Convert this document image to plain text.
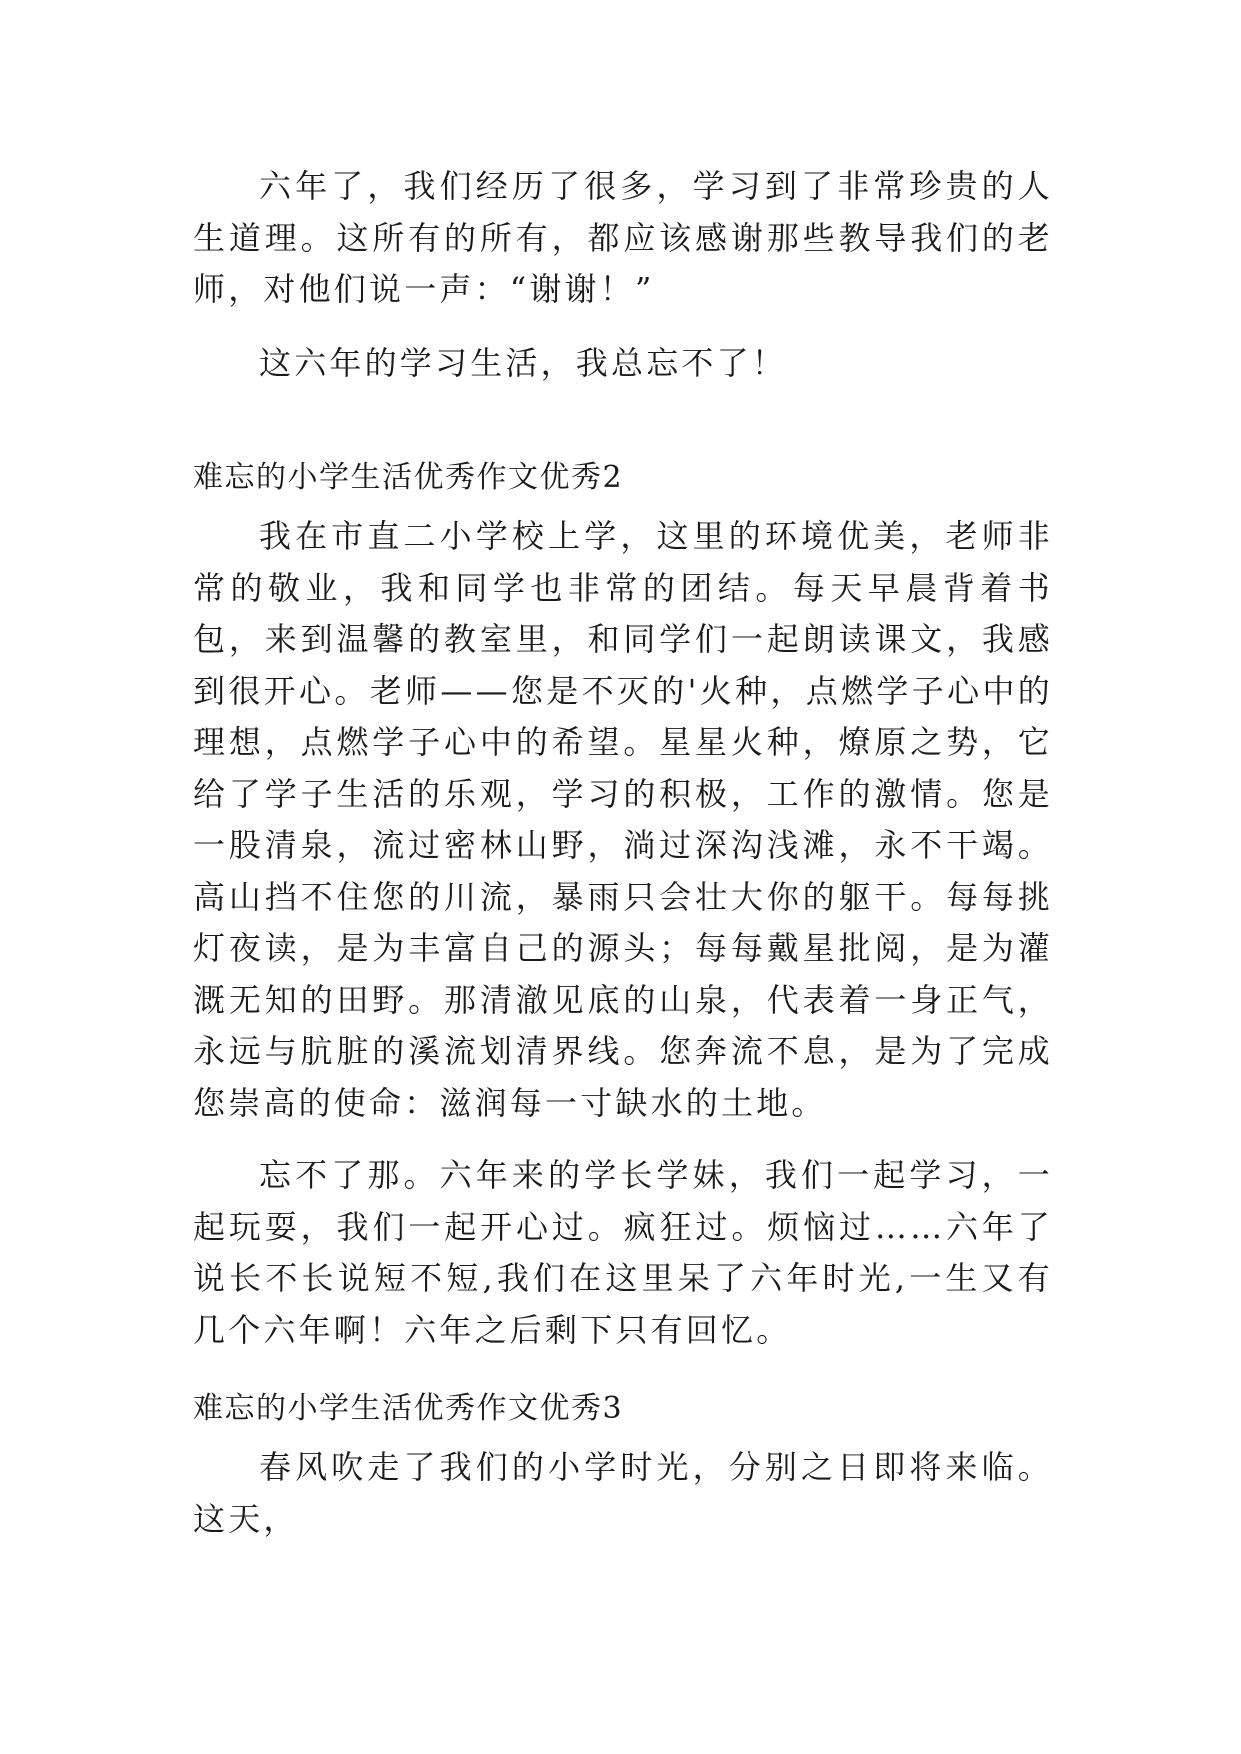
六年了，我们经历了很多，学习到了非常珍贵的人生道理。这所有的所有，都应该感谢那些教导我们的老师，对他们说一声：“谢谢！”

这六年的学习生活，我总忘不了！

难忘的小学生活优秀作文优秀2

我在市直二小学校上学，这里的环境优美，老师非常的敬业，我和同学也非常的团结。每天早晨背着书包，来到温馨的教室里，和同学们一起朗读课文，我感到很开心。老师——您是不灭的'火种，点燃学子心中的理想，点燃学子心中的希望。星星火种，燎原之势，它给了学子生活的乐观，学习的积极，工作的激情。您是一股清泉，流过密林山野，淌过深沟浅滩，永不干竭。高山挡不住您的川流，暴雨只会壮大你的躯干。每每挑灯夜读，是为丰富自己的源头；每每戴星批阅，是为灌溉无知的田野。那清澈见底的山泉，代表着一身正气，永远与肮脏的溪流划清界线。您奔流不息，是为了完成您崇高的使命：滋润每一寸缺水的土地。

忘不了那。六年来的学长学妹，我们一起学习，一起玩耍，我们一起开心过。疯狂过。烦恼过……六年了说长不长说短不短,我们在这里呆了六年时光,一生又有几个六年啊！六年之后剩下只有回忆。

难忘的小学生活优秀作文优秀3

春风吹走了我们的小学时光，分别之日即将来临。这天，
